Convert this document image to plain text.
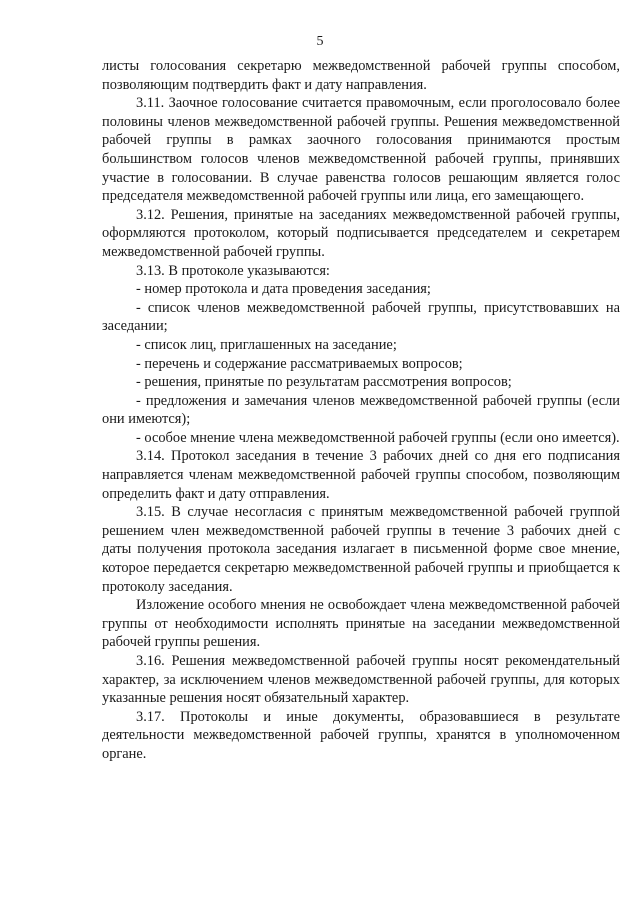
5

листы голосования секретарю межведомственной рабочей группы способом, позволяющим подтвердить факт и дату направления.

3.11. Заочное голосование считается правомочным, если проголосовало более половины членов межведомственной рабочей группы. Решения межведомственной рабочей группы в рамках заочного голосования принимаются простым большинством голосов членов межведомственной рабочей группы, принявших участие в голосовании. В случае равенства голосов решающим является голос председателя межведомственной рабочей группы или лица, его замещающего.

3.12. Решения, принятые на заседаниях межведомственной рабочей группы, оформляются протоколом, который подписывается председателем и секретарем межведомственной рабочей группы.

3.13. В протоколе указываются:

- номер протокола и дата проведения заседания;

- список членов межведомственной рабочей группы, присутствовавших на заседании;

- список лиц, приглашенных на заседание;

- перечень и содержание рассматриваемых вопросов;

- решения, принятые по результатам рассмотрения вопросов;

- предложения и замечания членов межведомственной рабочей группы (если они имеются);

- особое мнение члена межведомственной рабочей группы (если оно имеется).

3.14. Протокол заседания в течение 3 рабочих дней со дня его подписания направляется членам межведомственной рабочей группы способом, позволяющим определить факт и дату отправления.

3.15. В случае несогласия с принятым межведомственной рабочей группой решением член межведомственной рабочей группы в течение 3 рабочих дней с даты получения протокола заседания излагает в письменной форме свое мнение, которое передается секретарю межведомственной рабочей группы и приобщается к протоколу заседания.

Изложение особого мнения не освобождает члена межведомственной рабочей группы от необходимости исполнять принятые на заседании межведомственной рабочей группы решения.

3.16. Решения межведомственной рабочей группы носят рекомендательный характер, за исключением членов межведомственной рабочей группы, для которых указанные решения носят обязательный характер.

3.17. Протоколы и иные документы, образовавшиеся в результате деятельности межведомственной рабочей группы, хранятся в уполномоченном органе.
